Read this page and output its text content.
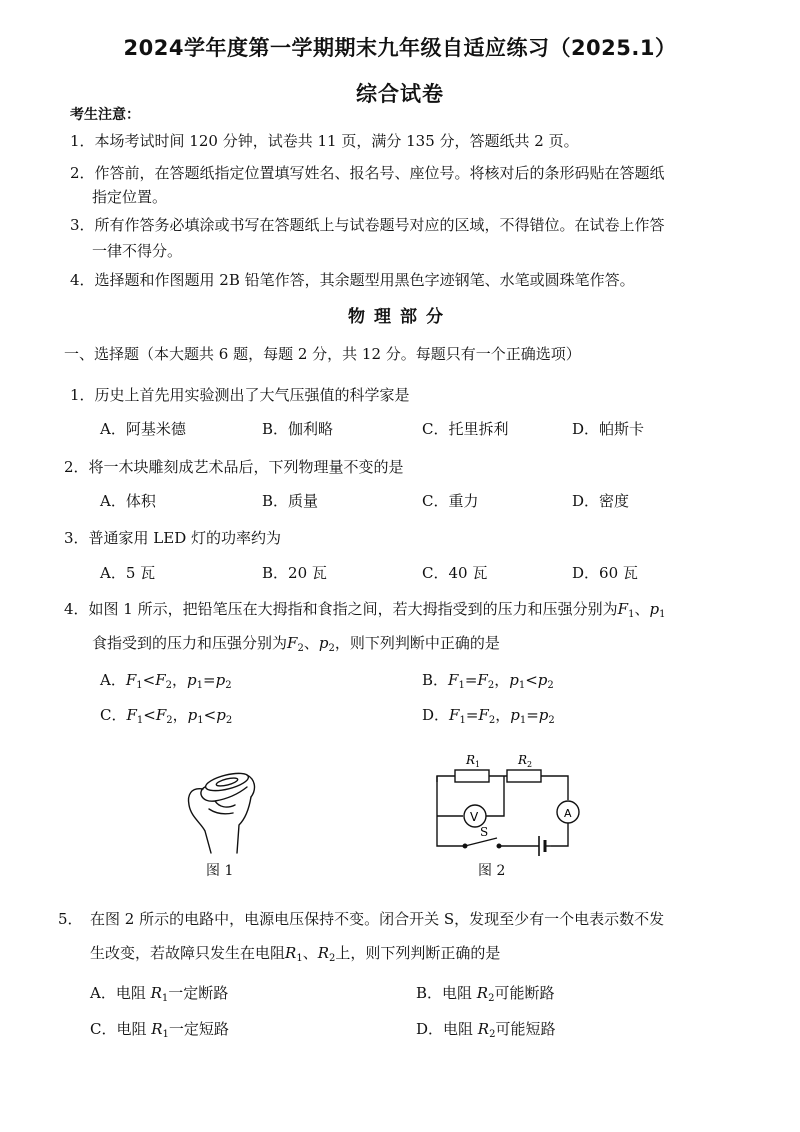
2024学年度第一学期期末九年级自适应练习（2025.1）
综合试卷
考生注意：
1．本场考试时间 120 分钟，试卷共 11 页，满分 135 分，答题纸共 2 页。
2．作答前，在答题纸指定位置填写姓名、报名号、座位号。将核对后的条形码贴在答题纸
指定位置。
3．所有作答务必填涂或书写在答题纸上与试卷题号对应的区域，不得错位。在试卷上作答
一律不得分。
4．选择题和作图题用 2B 铅笔作答，其余题型用黑色字迹钢笔、水笔或圆珠笔作答。
物理部分
一、选择题（本大题共 6 题，每题 2 分，共 12 分。每题只有一个正确选项）
1．历史上首先用实验测出了大气压强值的科学家是
A．阿基米德	B．伽利略	C．托里拆利	D．帕斯卡
2．将一木块雕刻成艺术品后，下列物理量不变的是
A．体积	B．质量	C．重力	D．密度
3．普通家用 LED 灯的功率约为
A．5 瓦	B．20 瓦	C．40 瓦	D．60 瓦
4．如图 1 所示，把铅笔压在大拇指和食指之间，若大拇指受到的压力和压强分别为$F_1$、$p_1$
食指受到的压力和压强分别为$F_2$、$p_2$，则下列判断中正确的是
A．$F_1<F_2$，$p_1=p_2$	B．$F_1=F_2$，$p_1<p_2$
C．$F_1<F_2$，$p_1<p_2$	D．$F_1=F_2$，$p_1=p_2$
图 1
$R_1$	$R_2$
V	A
S
图 2
5．　在图 2 所示的电路中，电源电压保持不变。闭合开关 S，发现至少有一个电表示数不发
生改变，若故障只发生在电阻$R_1$、$R_2$上，则下列判断正确的是
A．电阻 $R_1$一定断路	B．电阻 $R_2$可能断路
C．电阻 $R_1$一定短路	D．电阻 $R_2$可能短路
